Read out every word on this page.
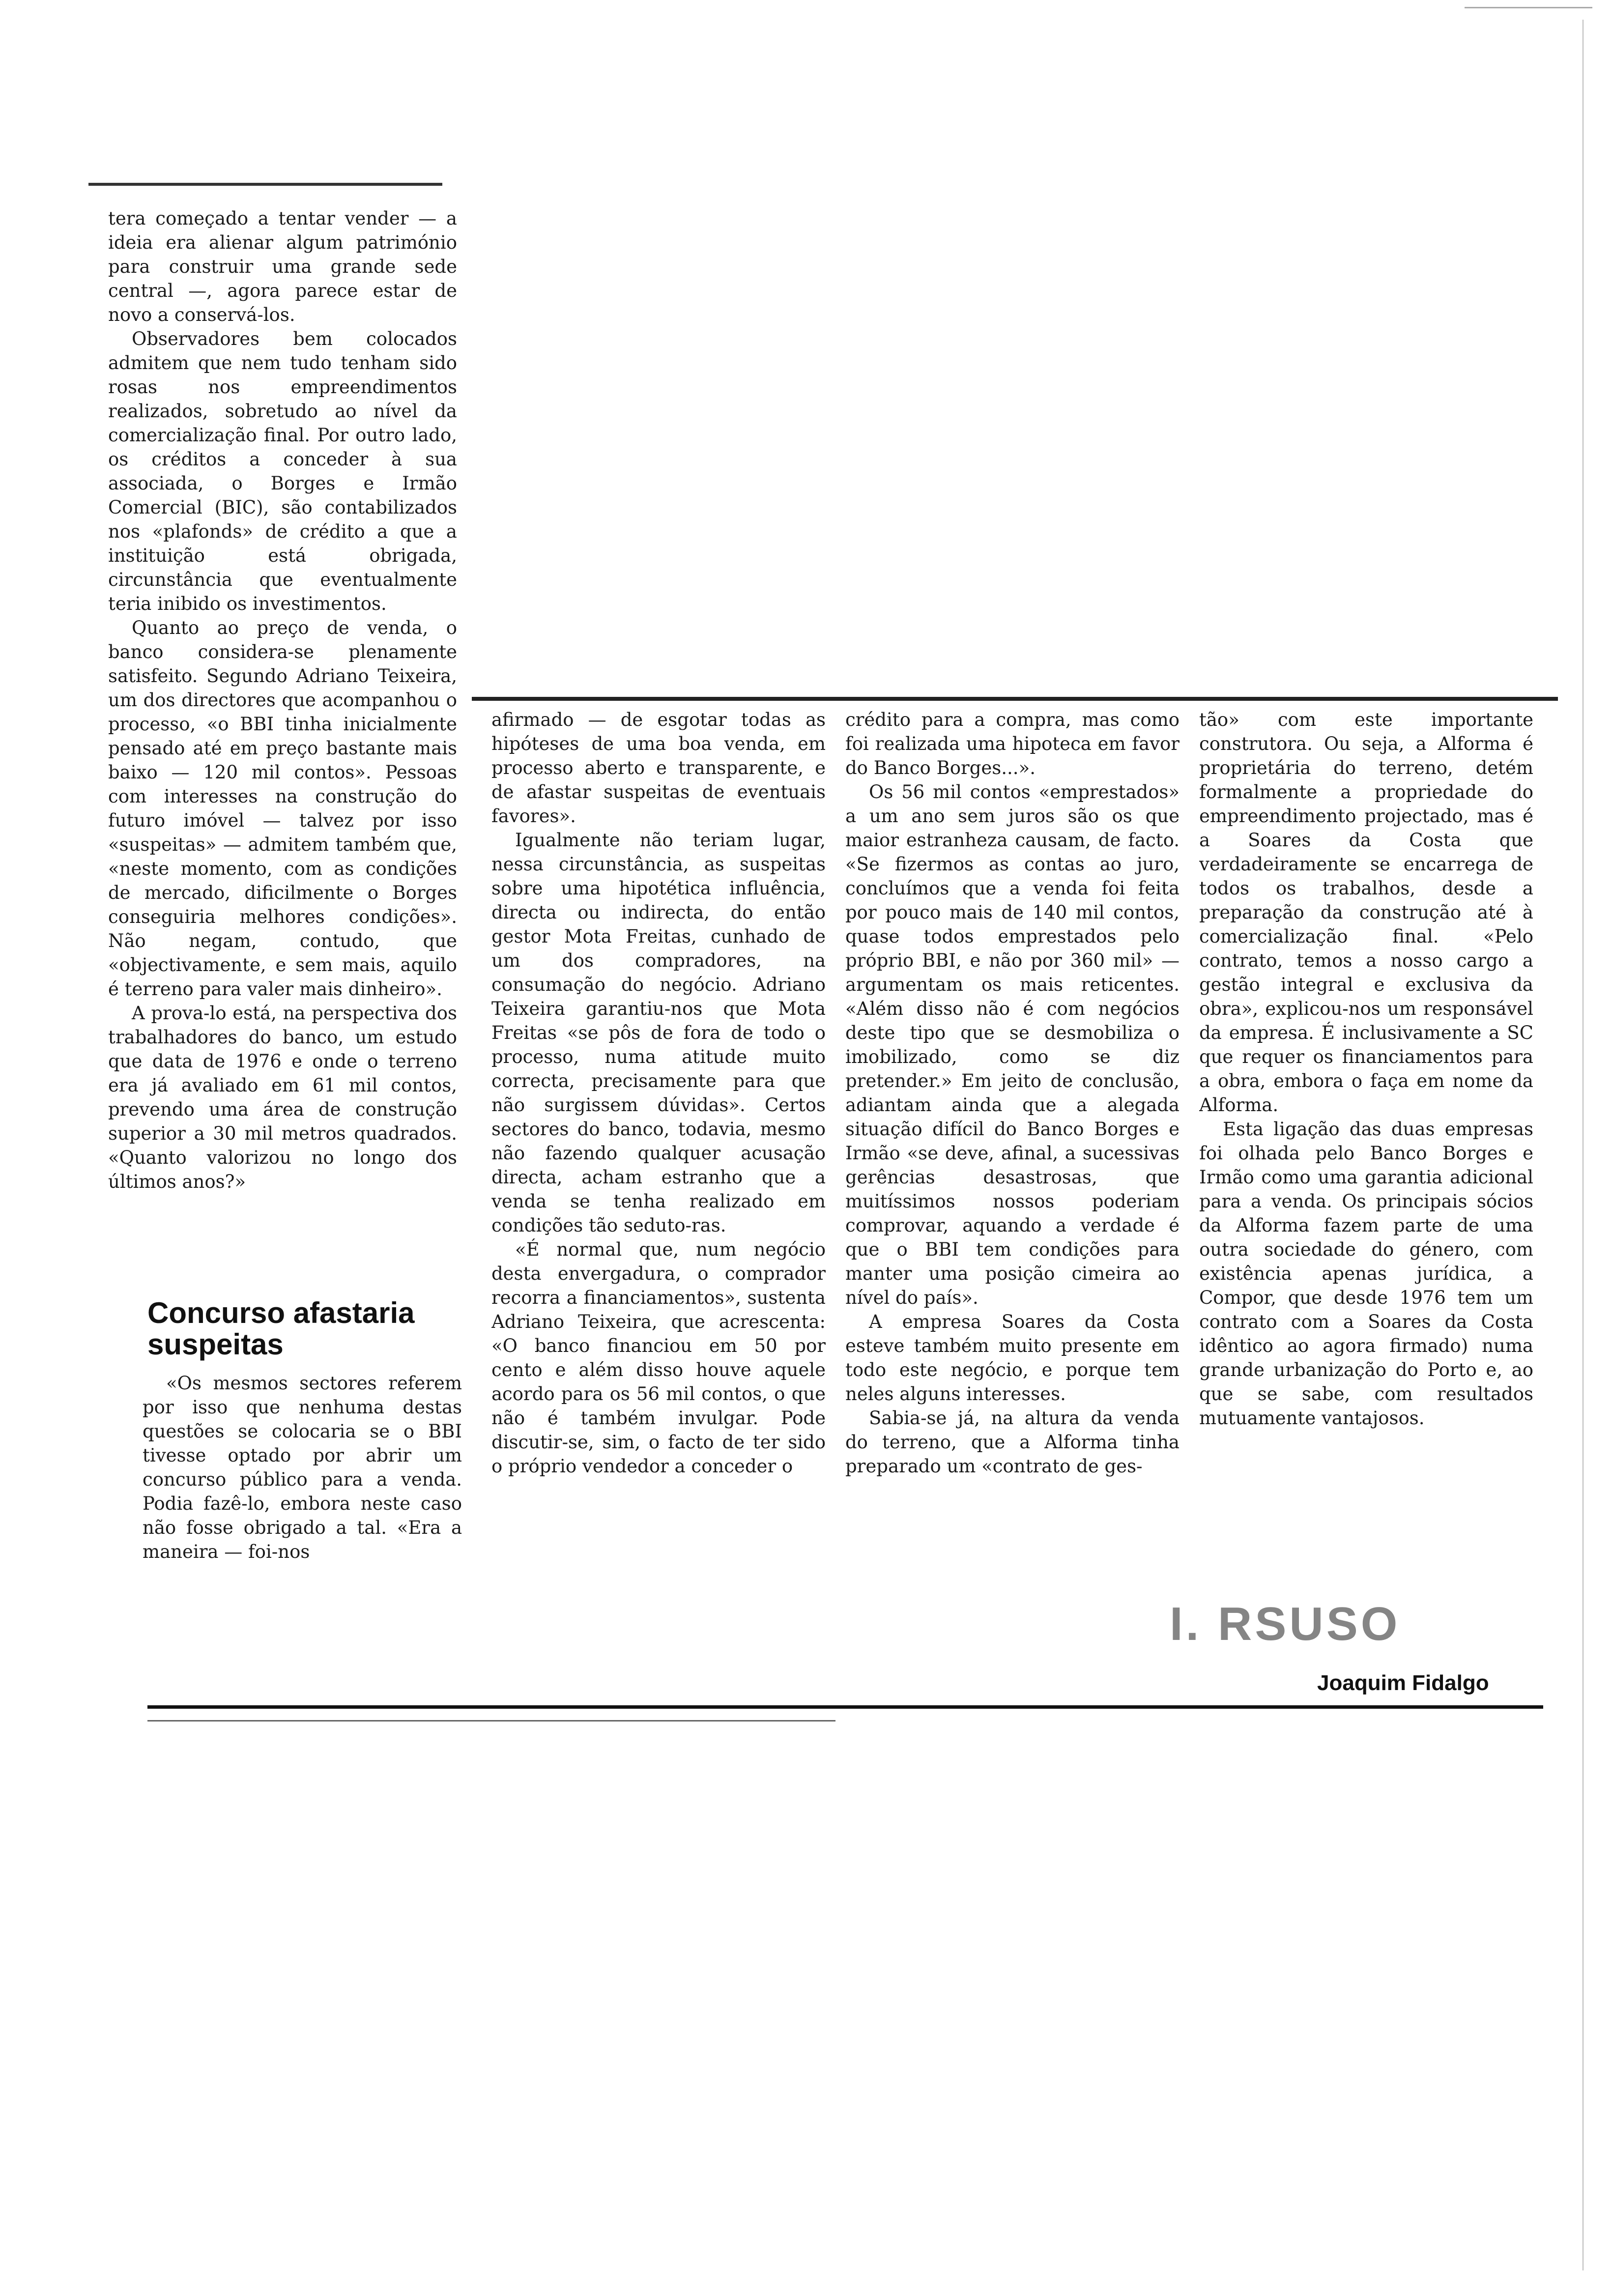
tera começado a tentar vender — a ideia era alienar algum património para construir uma grande sede central —, agora parece estar de novo a conservá-los.

Observadores bem colocados admitem que nem tudo tenham sido rosas nos empreendimentos realizados, sobretudo ao nível da comercialização final. Por outro lado, os créditos a conceder à sua associada, o Borges e Irmão Comercial (BIC), são contabilizados nos «plafonds» de crédito a que a instituição está obrigada, circunstância que eventualmente teria inibido os investimentos.

Quanto ao preço de venda, o banco considera-se plenamente satisfeito. Segundo Adriano Teixeira, um dos directores que acompanhou o processo, «o BBI tinha inicialmente pensado até em preço bastante mais baixo — 120 mil contos». Pessoas com interesses na construção do futuro imóvel — talvez por isso «suspeitas» — admitem também que, «neste momento, com as condições de mercado, dificilmente o Borges conseguiria melhores condições». Não negam, contudo, que «objectivamente, e sem mais, aquilo é terreno para valer mais dinheiro».

A prova-lo está, na perspectiva dos trabalhadores do banco, um estudo que data de 1976 e onde o terreno era já avaliado em 61 mil contos, prevendo uma área de construção superior a 30 mil metros quadrados. «Quanto valorizou no longo dos últimos anos?»

Concurso afastaria suspeitas

«Os mesmos sectores referem por isso que nenhuma destas questões se colocaria se o BBI tivesse optado por abrir um concurso público para a venda. Podia fazê-lo, embora neste caso não fosse obrigado a tal. «Era a maneira — foi-nos

afirmado — de esgotar todas as hipóteses de uma boa venda, em processo aberto e transparente, e de afastar suspeitas de eventuais favores».

Igualmente não teriam lugar, nessa circunstância, as suspeitas sobre uma hipotética influência, directa ou indirecta, do então gestor Mota Freitas, cunhado de um dos compradores, na consumação do negócio. Adriano Teixeira garantiu-nos que Mota Freitas «se pôs de fora de todo o processo, numa atitude muito correcta, precisamente para que não surgissem dúvidas». Certos sectores do banco, todavia, mesmo não fazendo qualquer acusação directa, acham estranho que a venda se tenha realizado em condições tão seduto-ras.

«É normal que, num negócio desta envergadura, o comprador recorra a financiamentos», sustenta Adriano Teixeira, que acrescenta: «O banco financiou em 50 por cento e além disso houve aquele acordo para os 56 mil contos, o que não é também invulgar. Pode discutir-se, sim, o facto de ter sido o próprio vendedor a conceder o

crédito para a compra, mas como foi realizada uma hipoteca em favor do Banco Borges...».

Os 56 mil contos «emprestados» a um ano sem juros são os que maior estranheza causam, de facto. «Se fizermos as contas ao juro, concluímos que a venda foi feita por pouco mais de 140 mil contos, quase todos emprestados pelo próprio BBI, e não por 360 mil» — argumentam os mais reticentes. «Além disso não é com negócios deste tipo que se desmobiliza o imobilizado, como se diz pretender.» Em jeito de conclusão, adiantam ainda que a alegada situação difícil do Banco Borges e Irmão «se deve, afinal, a sucessivas gerências desastrosas, que muitíssimos nossos poderiam comprovar, aquando a verdade é que o BBI tem condições para manter uma posição cimeira ao nível do país».

A empresa Soares da Costa esteve também muito presente em todo este negócio, e porque tem neles alguns interesses.

Sabia-se já, na altura da venda do terreno, que a Alforma tinha preparado um «contrato de ges-

tão» com este importante construtora. Ou seja, a Alforma é proprietária do terreno, detém formalmente a propriedade do empreendimento projectado, mas é a Soares da Costa que verdadeiramente se encarrega de todos os trabalhos, desde a preparação da construção até à comercialização final. «Pelo contrato, temos a nosso cargo a gestão integral e exclusiva da obra», explicou-nos um responsável da empresa. É inclusivamente a SC que requer os financiamentos para a obra, embora o faça em nome da Alforma.

Esta ligação das duas empresas foi olhada pelo Banco Borges e Irmão como uma garantia adicional para a venda. Os principais sócios da Alforma fazem parte de uma outra sociedade do género, com existência apenas jurídica, a Compor, que desde 1976 tem um contrato com a Soares da Costa idêntico ao agora firmado) numa grande urbanização do Porto e, ao que se sabe, com resultados mutuamente vantajosos.

I. RSUSO
Joaquim Fidalgo
